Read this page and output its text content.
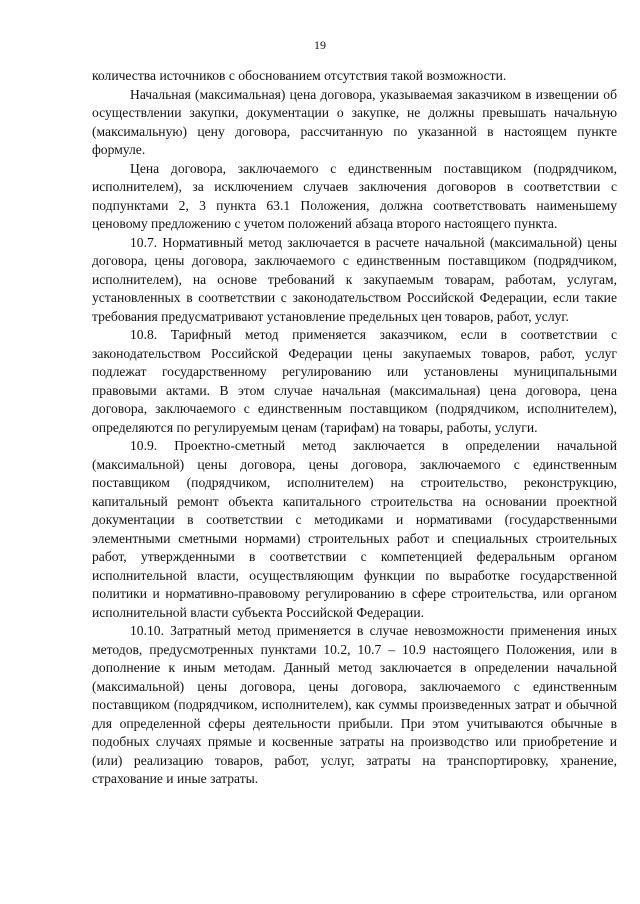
19

количества источников с обоснованием отсутствия такой возможности.

Начальная (максимальная) цена договора, указываемая заказчиком в извещении об осуществлении закупки, документации о закупке, не должны превышать начальную (максимальную) цену договора, рассчитанную по указанной в настоящем пункте формуле.

Цена договора, заключаемого с единственным поставщиком (подрядчиком, исполнителем), за исключением случаев заключения договоров в соответствии с подпунктами 2, 3 пункта 63.1 Положения, должна соответствовать наименьшему ценовому предложению с учетом положений абзаца второго настоящего пункта.

10.7. Нормативный метод заключается в расчете начальной (максимальной) цены договора, цены договора, заключаемого с единственным поставщиком (подрядчиком, исполнителем), на основе требований к закупаемым товарам, работам, услугам, установленных в соответствии с законодательством Российской Федерации, если такие требования предусматривают установление предельных цен товаров, работ, услуг.

10.8. Тарифный метод применяется заказчиком, если в соответствии с законодательством Российской Федерации цены закупаемых товаров, работ, услуг подлежат государственному регулированию или установлены муниципальными правовыми актами. В этом случае начальная (максимальная) цена договора, цена договора, заключаемого с единственным поставщиком (подрядчиком, исполнителем), определяются по регулируемым ценам (тарифам) на товары, работы, услуги.

10.9. Проектно-сметный метод заключается в определении начальной (максимальной) цены договора, цены договора, заключаемого с единственным поставщиком (подрядчиком, исполнителем) на строительство, реконструкцию, капитальный ремонт объекта капитального строительства на основании проектной документации в соответствии с методиками и нормативами (государственными элементными сметными нормами) строительных работ и специальных строительных работ, утвержденными в соответствии с компетенцией федеральным органом исполнительной власти, осуществляющим функции по выработке государственной политики и нормативно-правовому регулированию в сфере строительства, или органом исполнительной власти субъекта Российской Федерации.

10.10. Затратный метод применяется в случае невозможности применения иных методов, предусмотренных пунктами 10.2, 10.7 – 10.9 настоящего Положения, или в дополнение к иным методам. Данный метод заключается в определении начальной (максимальной) цены договора, цены договора, заключаемого с единственным поставщиком (подрядчиком, исполнителем), как суммы произведенных затрат и обычной для определенной сферы деятельности прибыли. При этом учитываются обычные в подобных случаях прямые и косвенные затраты на производство или приобретение и (или) реализацию товаров, работ, услуг, затраты на транспортировку, хранение, страхование и иные затраты.
